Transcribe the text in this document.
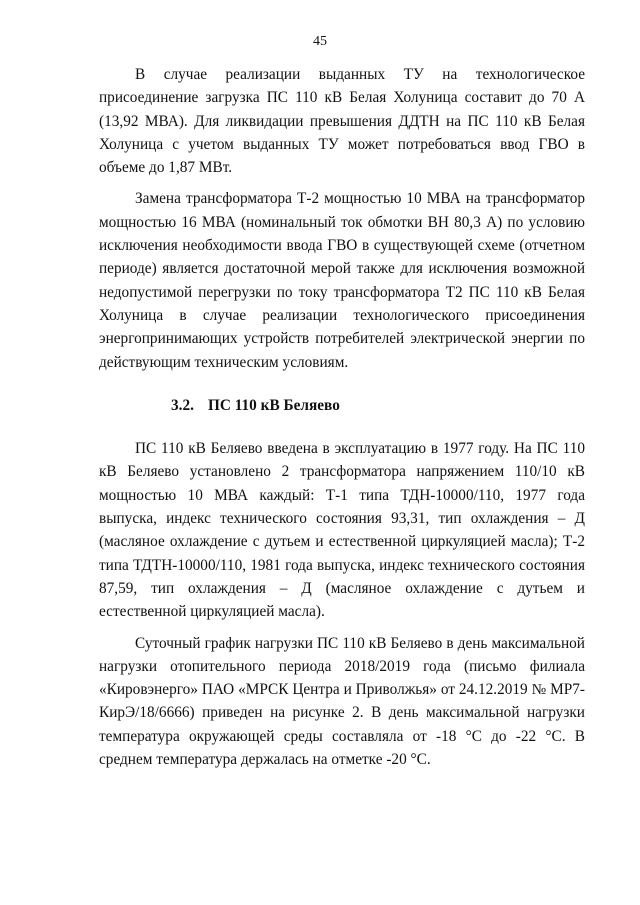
45

В случае реализации выданных ТУ на технологическое присоединение загрузка ПС 110 кВ Белая Холуница составит до 70 А (13,92 МВА). Для ликвидации превышения ДДТН на ПС 110 кВ Белая Холуница с учетом выданных ТУ может потребоваться ввод ГВО в объеме до 1,87 МВт.

Замена трансформатора Т-2 мощностью 10 МВА на трансформатор мощностью 16 МВА (номинальный ток обмотки ВН 80,3 А) по условию исключения необходимости ввода ГВО в существующей схеме (отчетном периоде) является достаточной мерой также для исключения возможной недопустимой перегрузки по току трансформатора Т2 ПС 110 кВ Белая Холуница в случае реализации технологического присоединения энергопринимающих устройств потребителей электрической энергии по действующим техническим условиям.

3.2. ПС 110 кВ Беляево

ПС 110 кВ Беляево введена в эксплуатацию в 1977 году. На ПС 110 кВ Беляево установлено 2 трансформатора напряжением 110/10 кВ мощностью 10 МВА каждый: Т-1 типа ТДН-10000/110, 1977 года выпуска, индекс технического состояния 93,31, тип охлаждения – Д (масляное охлаждение с дутьем и естественной циркуляцией масла); Т-2 типа ТДТН-10000/110, 1981 года выпуска, индекс технического состояния 87,59, тип охлаждения – Д (масляное охлаждение с дутьем и естественной циркуляцией масла).

Суточный график нагрузки ПС 110 кВ Беляево в день максимальной нагрузки отопительного периода 2018/2019 года (письмо филиала «Кировэнерго» ПАО «МРСК Центра и Приволжья» от 24.12.2019 № МР7-КирЭ/18/6666) приведен на рисунке 2. В день максимальной нагрузки температура окружающей среды составляла от -18 °С до -22 °С. В среднем температура держалась на отметке -20 °С.
